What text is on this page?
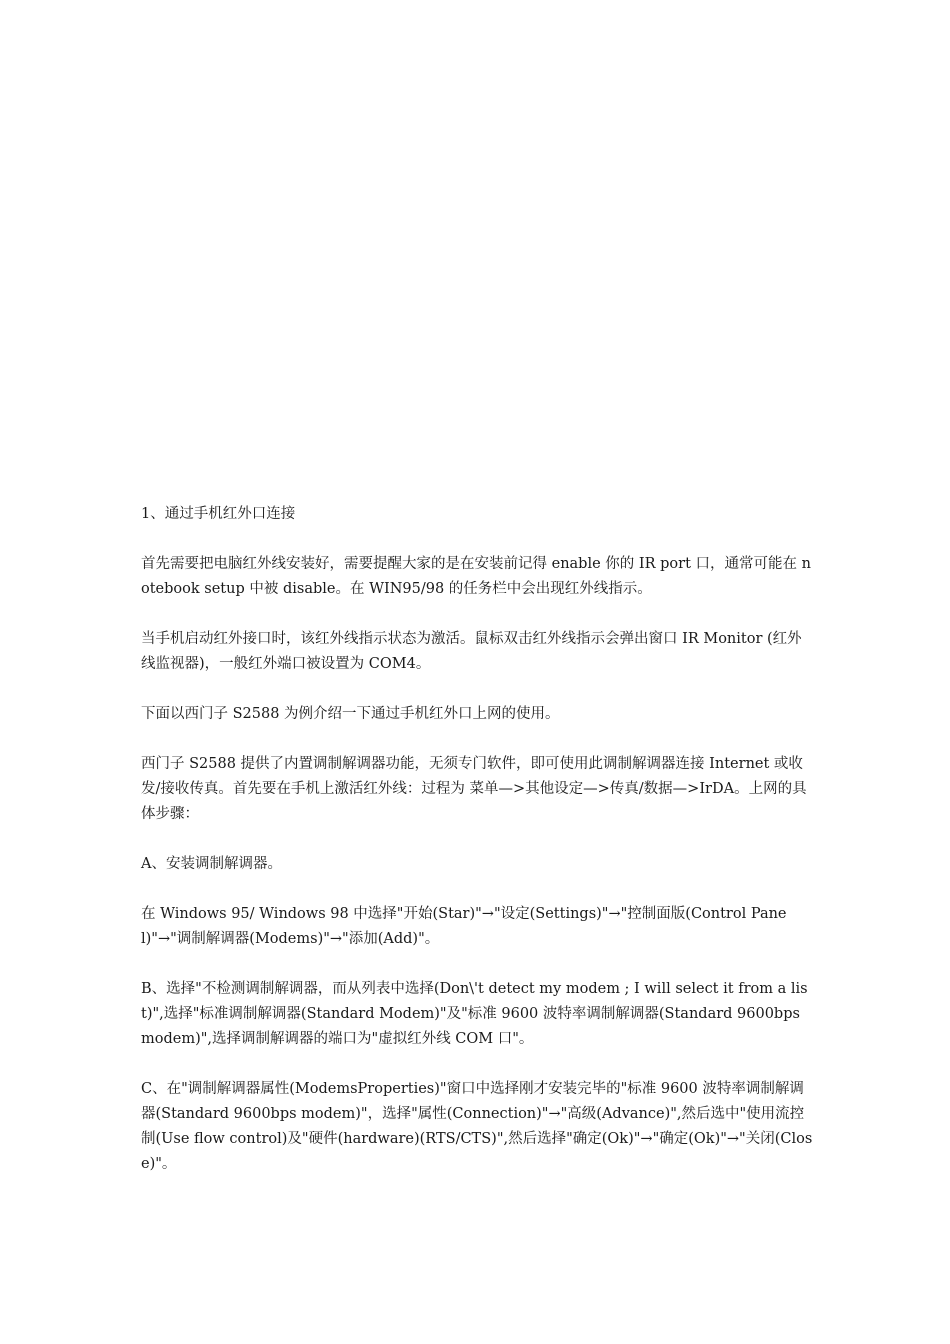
1、通过手机红外口连接

首先需要把电脑红外线安装好，需要提醒大家的是在安装前记得 enable 你的 IR port 口，通常可能在 notebook setup 中被 disable。在 WIN95/98 的任务栏中会出现红外线指示。

当手机启动红外接口时，该红外线指示状态为激活。鼠标双击红外线指示会弹出窗口 IR Monitor (红外线监视器)，一般红外端口被设置为 COM4。

下面以西门子 S2588 为例介绍一下通过手机红外口上网的使用。

西门子 S2588 提供了内置调制解调器功能，无须专门软件，即可使用此调制解调器连接 Internet 或收发/接收传真。首先要在手机上激活红外线：过程为 菜单—>其他设定—>传真/数据—>IrDA。上网的具体步骤：

A、安装调制解调器。

在 Windows 95/ Windows 98 中选择"开始(Star)"→"设定(Settings)"→"控制面版(Control Panel)"→"调制解调器(Modems)"→"添加(Add)"。

B、选择"不检测调制解调器，而从列表中选择(Don\'t detect my modem ; I will select it from a list)",选择"标准调制解调器(Standard Modem)"及"标准 9600 波特率调制解调器(Standard 9600bps modem)",选择调制解调器的端口为"虚拟红外线 COM 口"。

C、在"调制解调器属性(ModemsProperties)"窗口中选择刚才安装完毕的"标准 9600 波特率调制解调器(Standard 9600bps modem)"，选择"属性(Connection)"→"高级(Advance)",然后选中"使用流控制(Use flow control)及"硬件(hardware)(RTS/CTS)",然后选择"确定(Ok)"→"确定(Ok)"→"关闭(Close)"。
